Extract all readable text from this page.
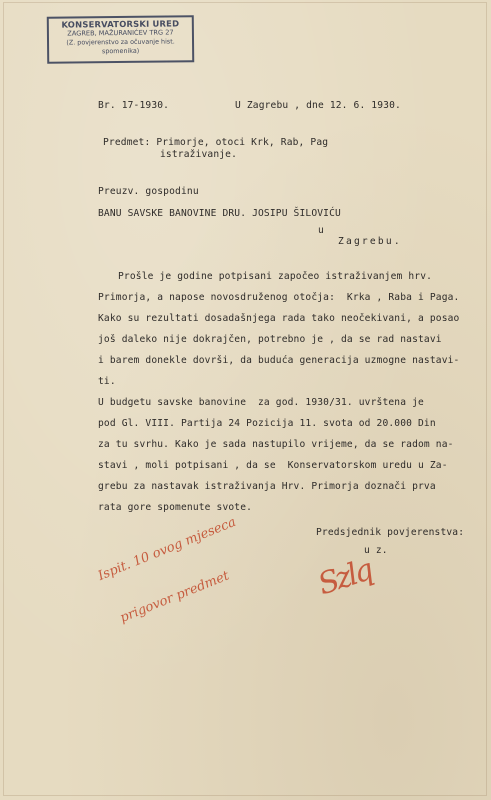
KONSERVATORSKI URED
ZAGREB, MAŽURANIĆEV TRG 27
(Z. povjerenstvo za očuvanje hist.
spomenika)
Br. 17-1930.	U Zagrebu , dne 12. 6. 1930.
Predmet: Primorje, otoci Krk, Rab, Pag
istraživanje.
Preuzv. gospodinu
BANU SAVSKE BANOVINE DRU. JOSIPU ŠILOVIĆU
u
Zagrebu.
Prošle je godine potpisani započeo istraživanjem hrv.
Primorja, a napose novosdruženog otočja:  Krka , Raba i Paga.
Kako su rezultati dosadašnjega rada tako neočekivani, a posao
još daleko nije dokrajčen, potrebno je , da se rad nastavi
i barem donekle dovrši, da buduća generacija uzmogne nastavi-
ti.
U budgetu savske banovine  za god. 1930/31. uvrštena je
pod Gl. VIII. Partija 24 Pozicija 11. svota od 20.000 Din
za tu svrhu. Kako je sada nastupilo vrijeme, da se radom na-
stavi , moli potpisani , da se  Konservatorskom uredu u Za-
grebu za nastavak istraživanja Hrv. Primorja doznači prva
rata gore spomenute svote.
Predsjednik povjerenstva:
u z.
Szlq
Ispit. 10 ovog mjeseca
prigovor predmet
